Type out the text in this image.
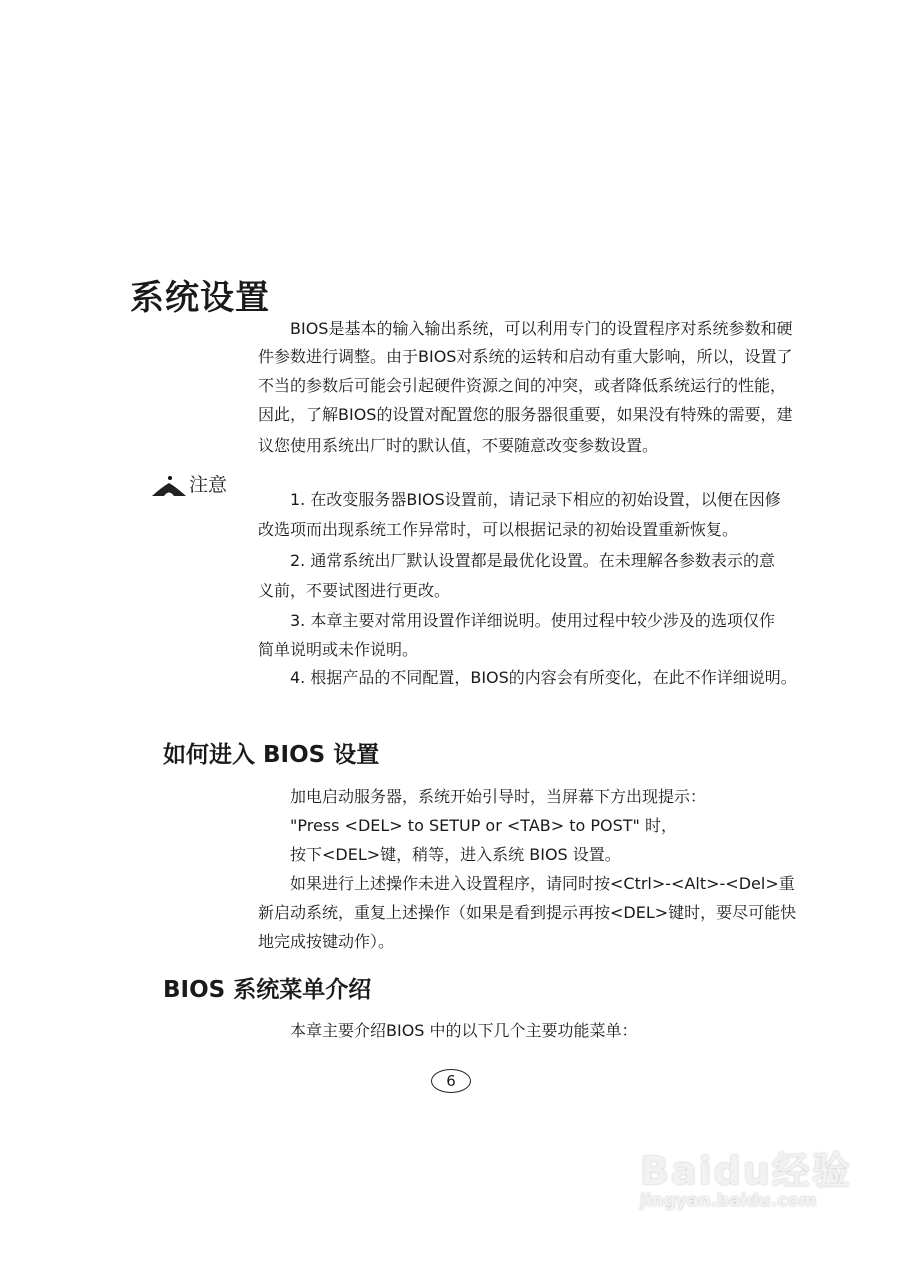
系统设置
BIOS是基本的输入输出系统，可以利用专门的设置程序对系统参数和硬
件参数进行调整。由于BIOS对系统的运转和启动有重大影响，所以，设置了
不当的参数后可能会引起硬件资源之间的冲突，或者降低系统运行的性能，
因此，了解BIOS的设置对配置您的服务器很重要，如果没有特殊的需要，建
议您使用系统出厂时的默认值，不要随意改变参数设置。
注意
1. 在改变服务器BIOS设置前，请记录下相应的初始设置，以便在因修
改选项而出现系统工作异常时，可以根据记录的初始设置重新恢复。
2. 通常系统出厂默认设置都是最优化设置。在未理解各参数表示的意
义前，不要试图进行更改。
3. 本章主要对常用设置作详细说明。使用过程中较少涉及的选项仅作
简单说明或未作说明。
4. 根据产品的不同配置，BIOS的内容会有所变化，在此不作详细说明。
如何进入 BIOS 设置
加电启动服务器，系统开始引导时，当屏幕下方出现提示：
"Press <DEL> to SETUP or <TAB> to POST" 时，
按下<DEL>键，稍等，进入系统 BIOS 设置。
如果进行上述操作未进入设置程序，请同时按<Ctrl>-<Alt>-<Del>重
新启动系统，重复上述操作（如果是看到提示再按<DEL>键时，要尽可能快
地完成按键动作）。
BIOS 系统菜单介绍
本章主要介绍BIOS 中的以下几个主要功能菜单：
6
Baidu经验
jingyan.baidu.com
